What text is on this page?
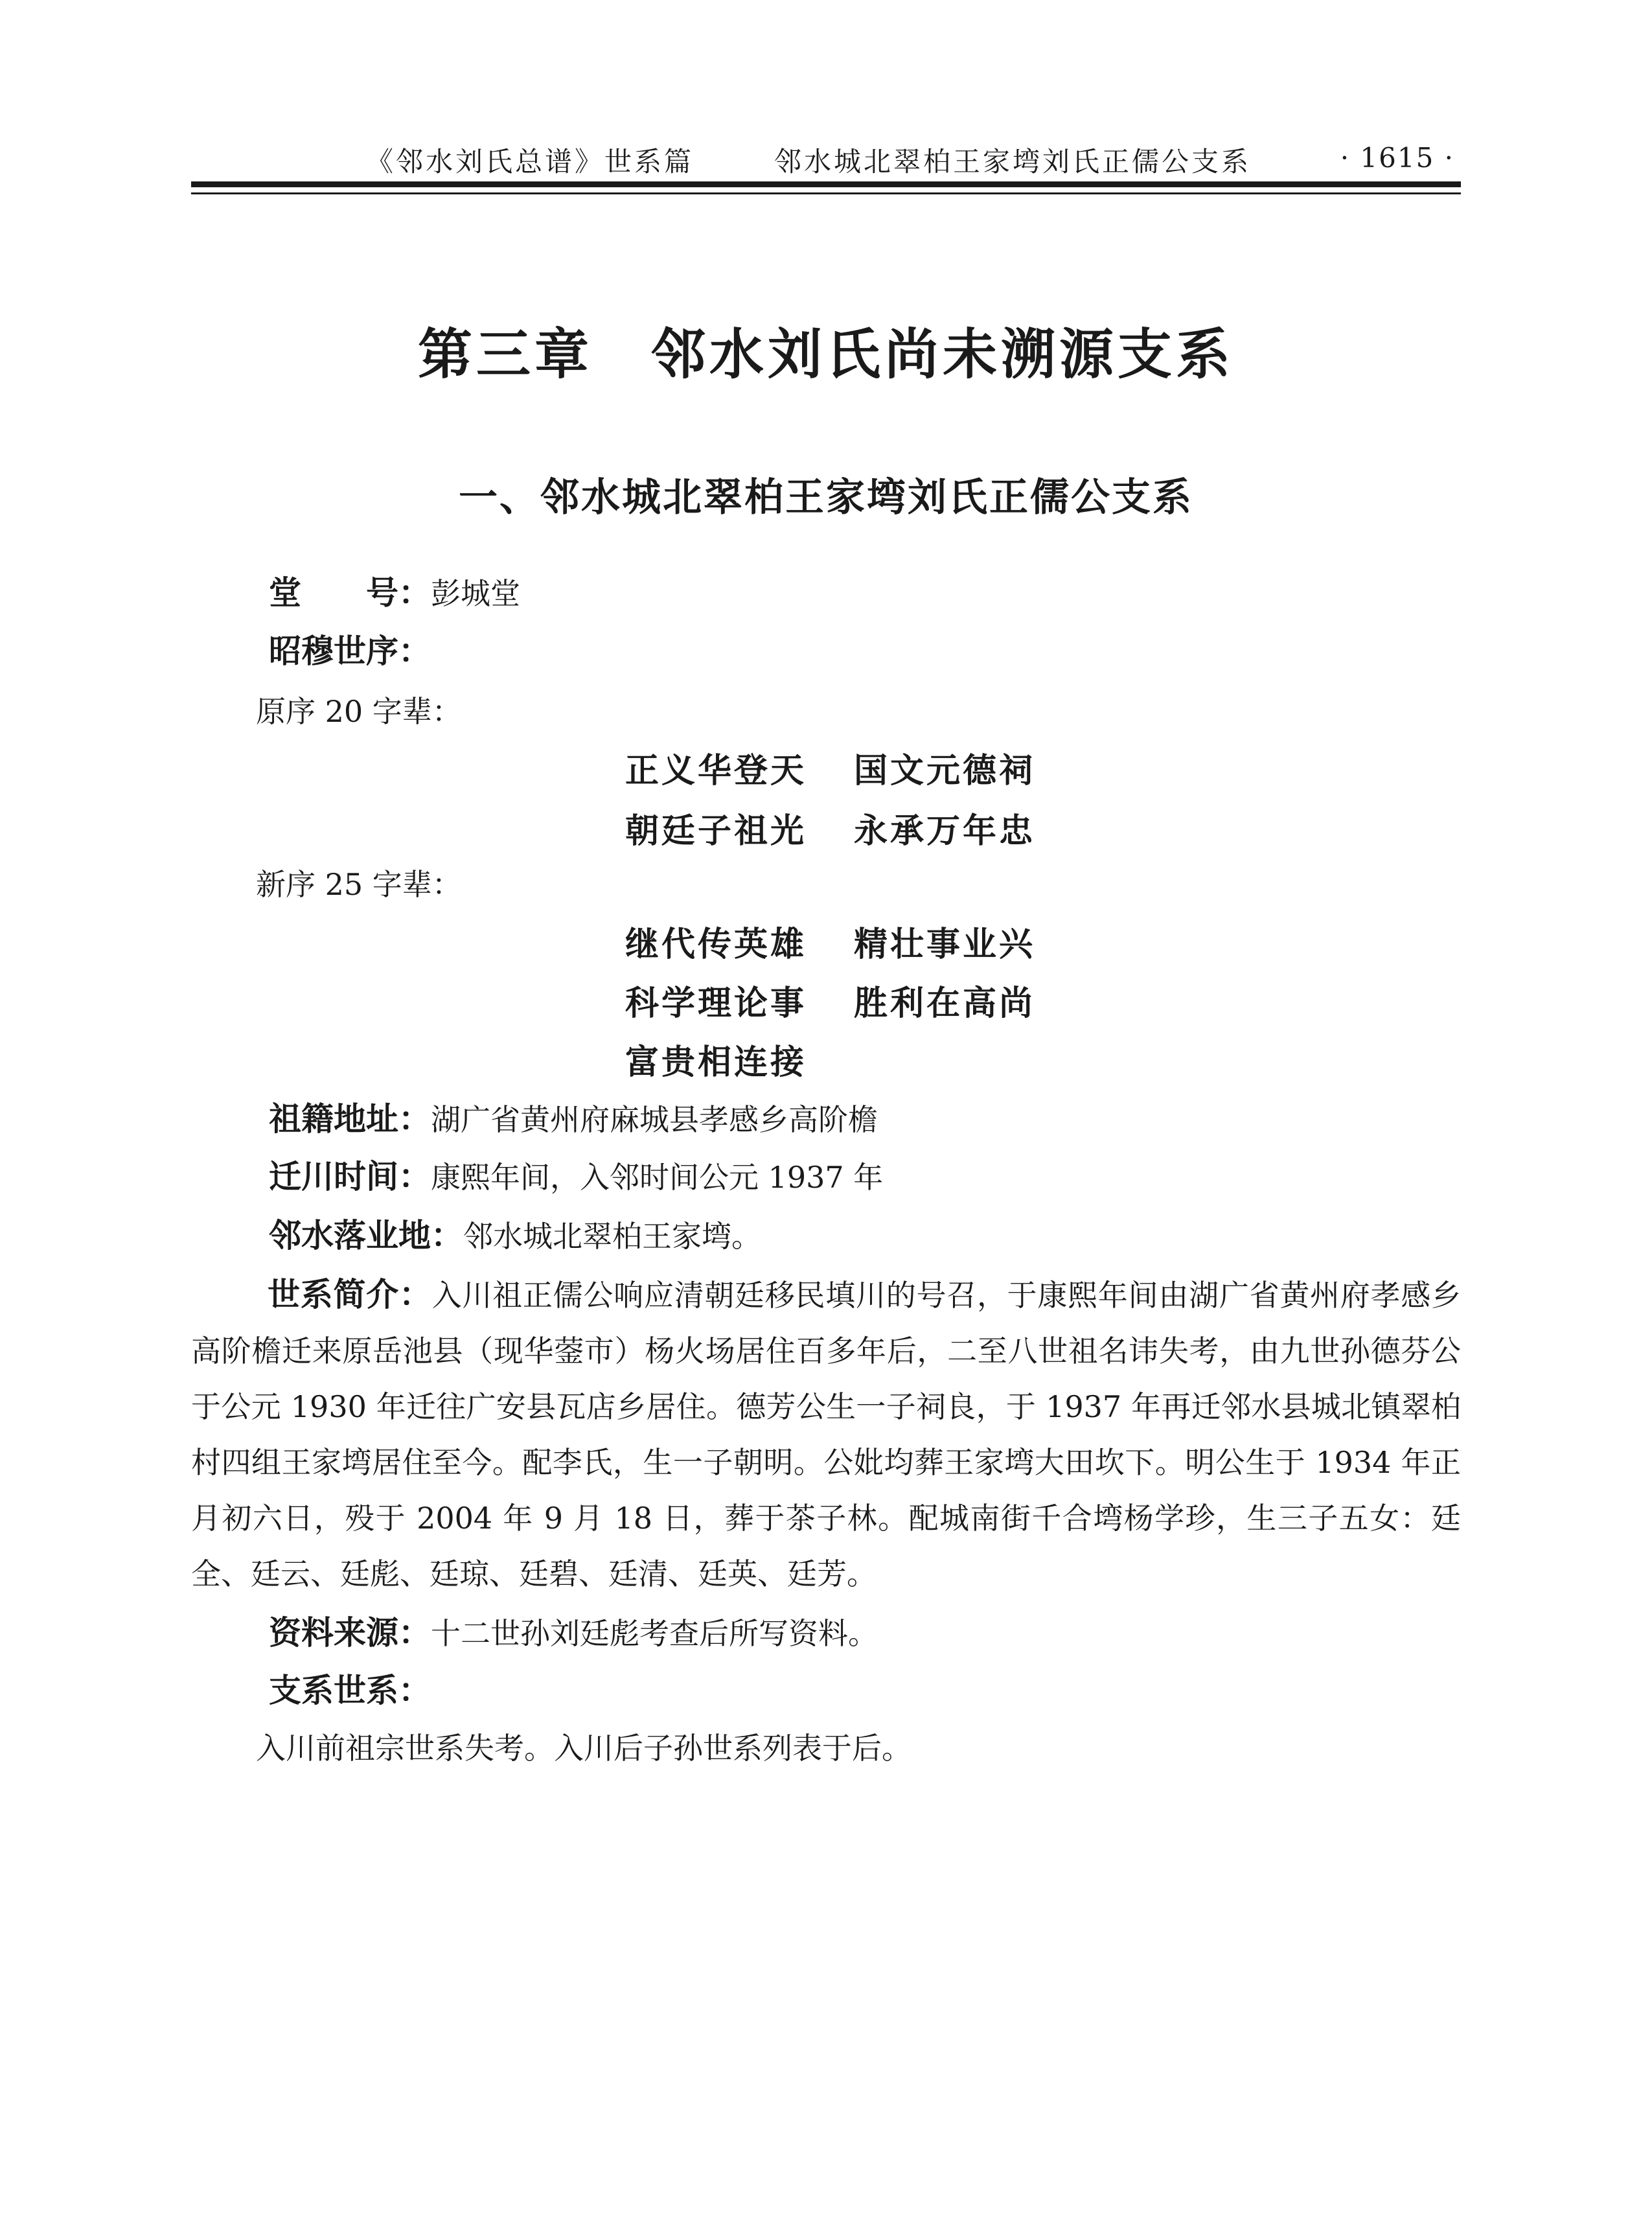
《邻水刘氏总谱》世系篇	邻水城北翠柏王家塆刘氏正儒公支系	· 1615 ·
第三章　邻水刘氏尚未溯源支系
一、邻水城北翠柏王家塆刘氏正儒公支系
堂　　号：彭城堂
昭穆世序：
原序 20 字辈：
正义华登天 国文元德祠
朝廷子祖光 永承万年忠
新序 25 字辈：
继代传英雄 精壮事业兴
科学理论事 胜利在高尚
富贵相连接
祖籍地址：湖广省黄州府麻城县孝感乡高阶檐
迁川时间：康熙年间，入邻时间公元 1937 年
邻水落业地：邻水城北翠柏王家塆。
世系简介：入川祖正儒公响应清朝廷移民填川的号召，于康熙年间由湖广省黄州府孝感乡高阶檐迁来原岳池县（现华蓥市）杨火场居住百多年后，二至八世祖名讳失考，由九世孙德芬公于公元 1930 年迁往广安县瓦店乡居住。德芳公生一子祠良，于 1937 年再迁邻水县城北镇翠柏村四组王家塆居住至今。配李氏，生一子朝明。公妣均葬王家塆大田坎下。明公生于 1934 年正月初六日，殁于 2004 年 9 月 18 日，葬于茶子林。配城南街千合塆杨学珍，生三子五女：廷全、廷云、廷彪、廷琼、廷碧、廷清、廷英、廷芳。
资料来源：十二世孙刘廷彪考查后所写资料。
支系世系：
入川前祖宗世系失考。入川后子孙世系列表于后。
